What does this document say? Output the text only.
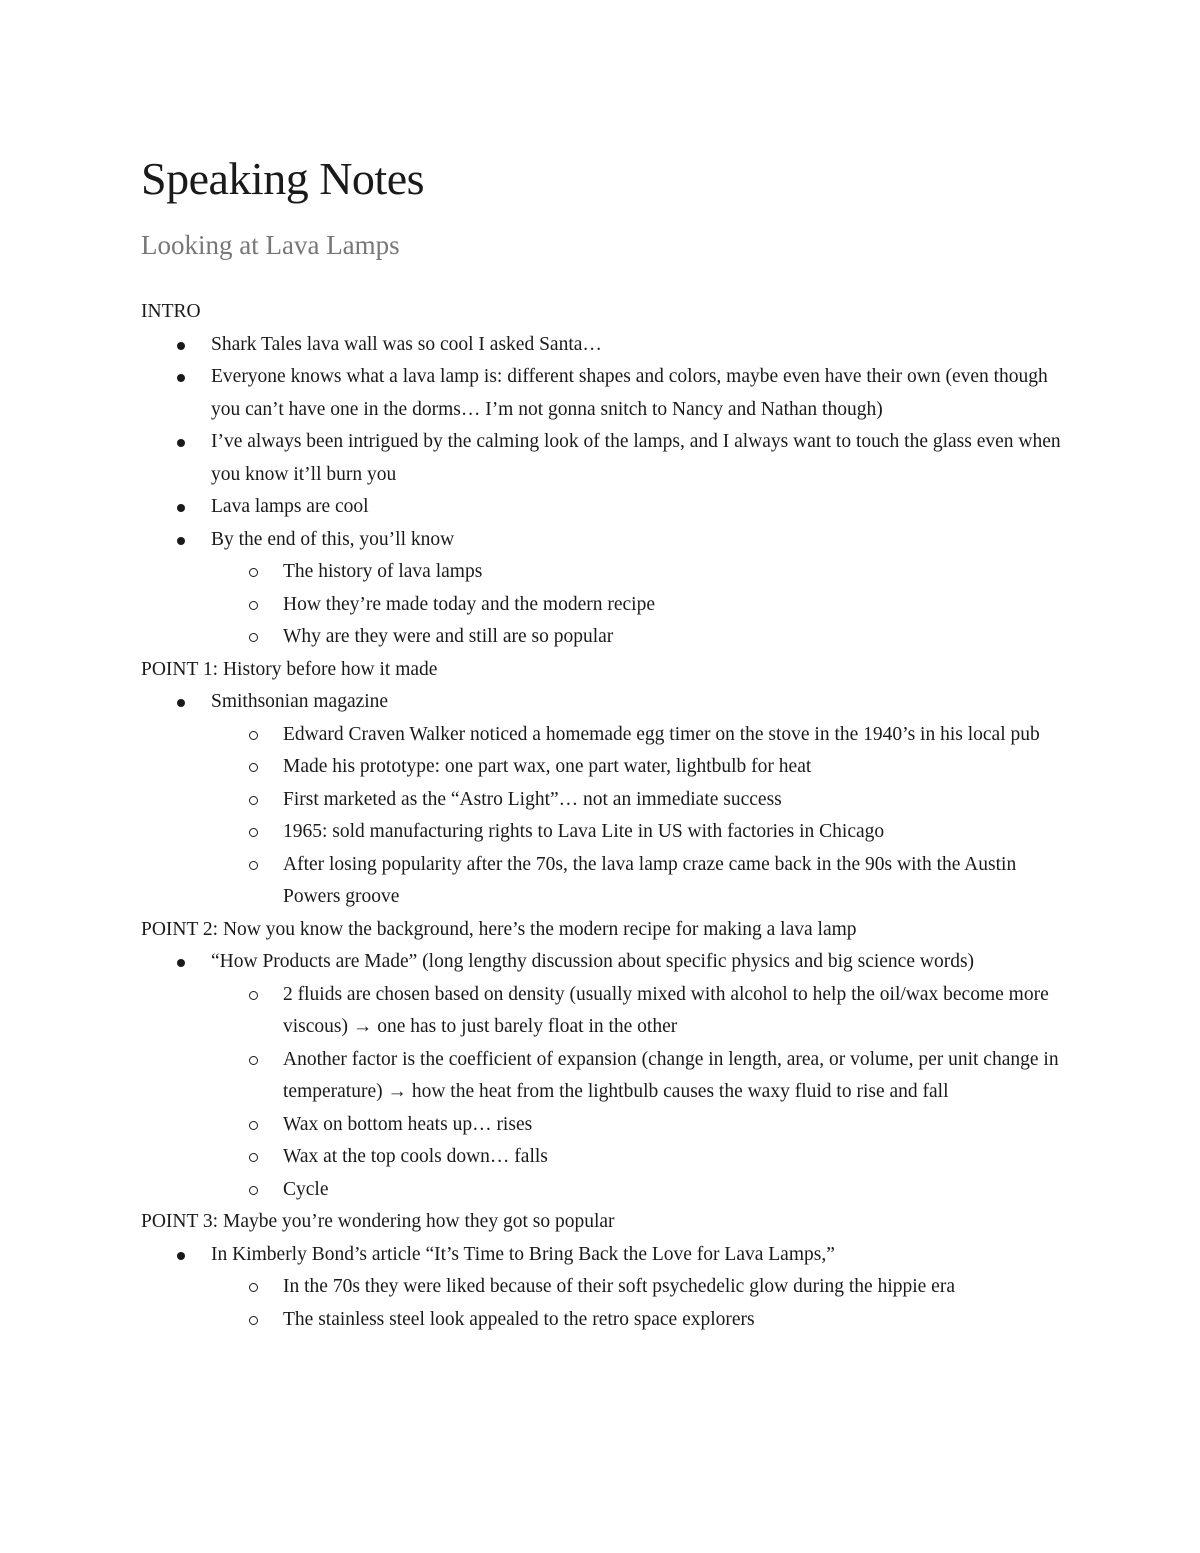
Speaking Notes
Looking at Lava Lamps
INTRO
Shark Tales lava wall was so cool I asked Santa…
Everyone knows what a lava lamp is: different shapes and colors, maybe even have their own (even though you can’t have one in the dorms… I’m not gonna snitch to Nancy and Nathan though)
I’ve always been intrigued by the calming look of the lamps, and I always want to touch the glass even when you know it’ll burn you
Lava lamps are cool
By the end of this, you’ll know
The history of lava lamps
How they’re made today and the modern recipe
Why are they were and still are so popular
POINT 1: History before how it made
Smithsonian magazine
Edward Craven Walker noticed a homemade egg timer on the stove in the 1940’s in his local pub
Made his prototype: one part wax, one part water, lightbulb for heat
First marketed as the “Astro Light”… not an immediate success
1965: sold manufacturing rights to Lava Lite in US with factories in Chicago
After losing popularity after the 70s, the lava lamp craze came back in the 90s with the Austin Powers groove
POINT 2: Now you know the background, here’s the modern recipe for making a lava lamp
“How Products are Made” (long lengthy discussion about specific physics and big science words)
2 fluids are chosen based on density (usually mixed with alcohol to help the oil/wax become more viscous) → one has to just barely float in the other
Another factor is the coefficient of expansion (change in length, area, or volume, per unit change in temperature) → how the heat from the lightbulb causes the waxy fluid to rise and fall
Wax on bottom heats up… rises
Wax at the top cools down… falls
Cycle
POINT 3: Maybe you’re wondering how they got so popular
In Kimberly Bond’s article “It’s Time to Bring Back the Love for Lava Lamps,”
In the 70s they were liked because of their soft psychedelic glow during the hippie era
The stainless steel look appealed to the retro space explorers
